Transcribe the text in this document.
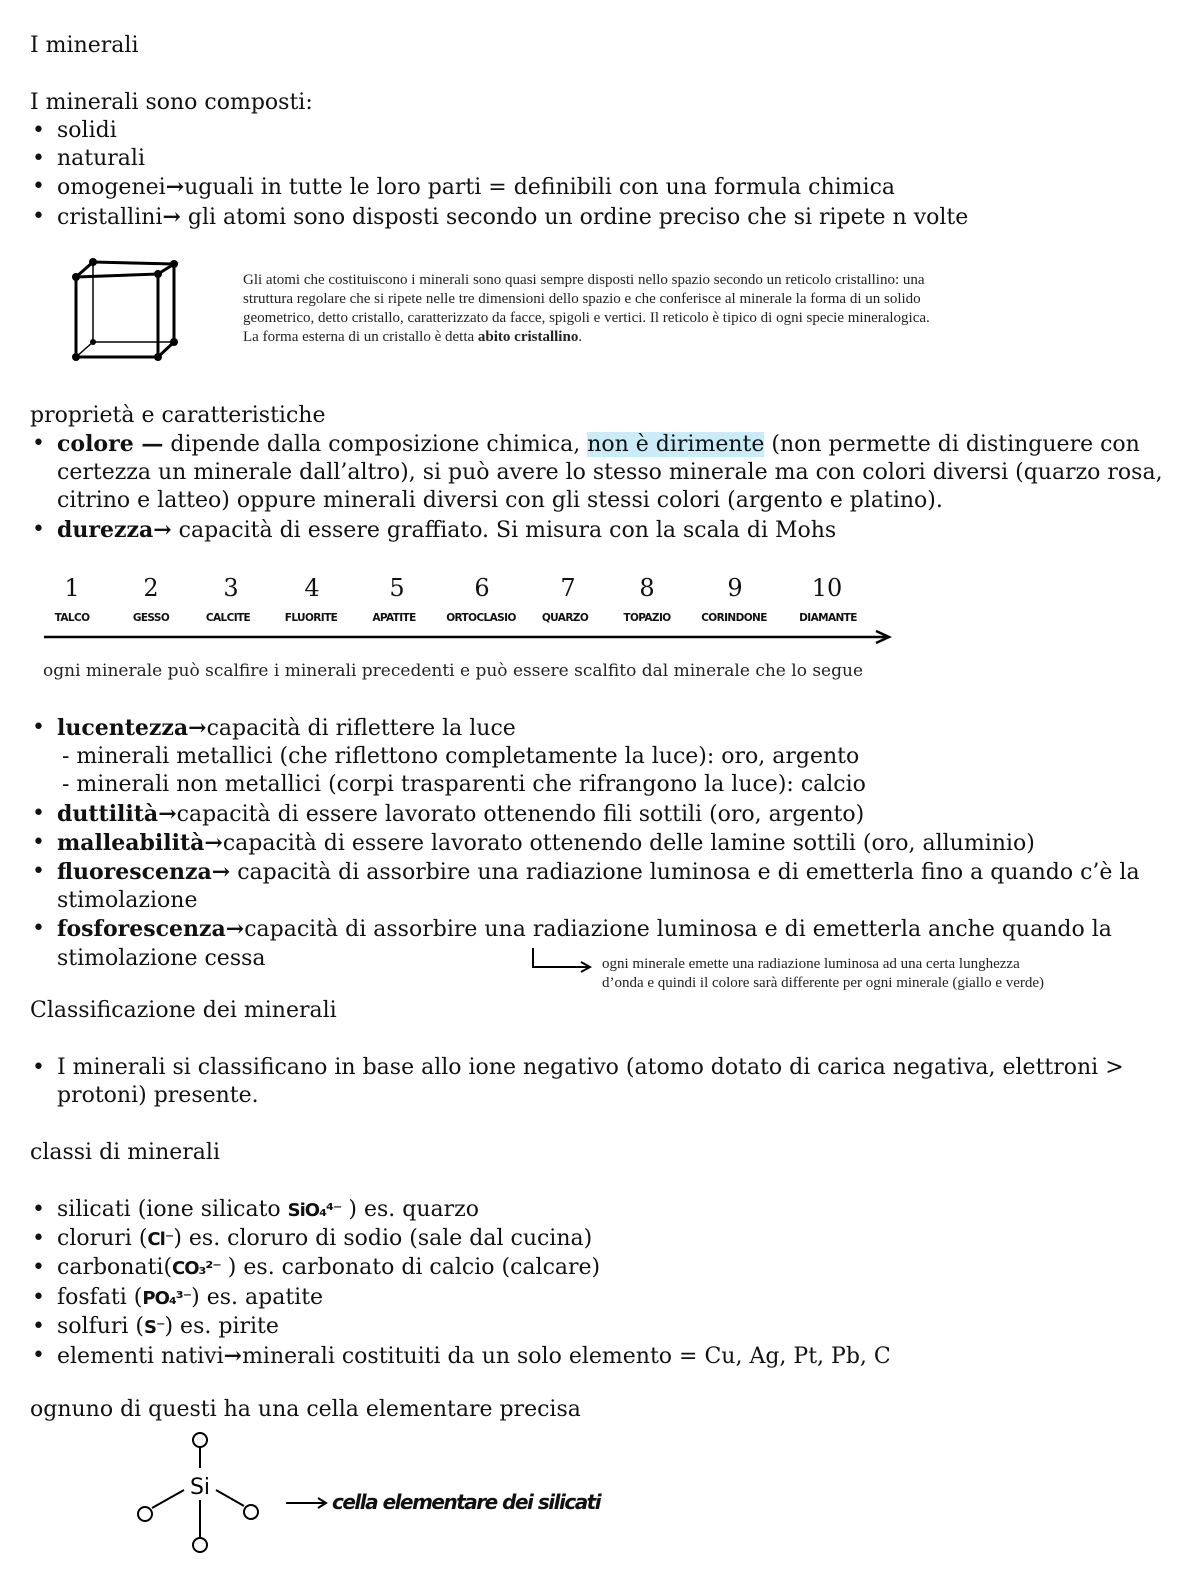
I minerali
I minerali sono composti:
• solidi
• naturali
• omogenei→uguali in tutte le loro parti = definibili con una formula chimica
• cristallini→ gli atomi sono disposti secondo un ordine preciso che si ripete n volte
Gli atomi che costituiscono i minerali sono quasi sempre disposti nello spazio secondo un reticolo cristallino: una
struttura regolare che si ripete nelle tre dimensioni dello spazio e che conferisce al minerale la forma di un solido
geometrico, detto cristallo, caratterizzato da facce, spigoli e vertici. Il reticolo è tipico di ogni specie mineralogica.
La forma esterna di un cristallo è detta abito cristallino.
proprietà e caratteristiche
• colore — dipende dalla composizione chimica, non è dirimente (non permette di distinguere con
certezza un minerale dall’altro), si può avere lo stesso minerale ma con colori diversi (quarzo rosa,
citrino e latteo) oppure minerali diversi con gli stessi colori (argento e platino).
• durezza→ capacità di essere graffiato. Si misura con la scala di Mohs
1	2	3	4	5	6	7	8	9	10
TALCO	GESSO	CALCITE	FLUORITE	APATITE	ORTOCLASIO	QUARZO	TOPAZIO	CORINDONE	DIAMANTE
ogni minerale può scalfire i minerali precedenti e può essere scalfito dal minerale che lo segue
• lucentezza→capacità di riflettere la luce
- minerali metallici (che riflettono completamente la luce): oro, argento
- minerali non metallici (corpi trasparenti che rifrangono la luce): calcio
• duttilità→capacità di essere lavorato ottenendo fili sottili (oro, argento)
• malleabilità→capacità di essere lavorato ottenendo delle lamine sottili (oro, alluminio)
• fluorescenza→ capacità di assorbire una radiazione luminosa e di emetterla fino a quando c’è la
stimolazione
• fosforescenza→capacità di assorbire una radiazione luminosa e di emetterla anche quando la
stimolazione cessa	ogni minerale emette una radiazione luminosa ad una certa lunghezza
d’onda e quindi il colore sarà differente per ogni minerale (giallo e verde)
Classificazione dei minerali
• I minerali si classificano in base allo ione negativo (atomo dotato di carica negativa, elettroni >
protoni) presente.
classi di minerali
• silicati (ione silicato SiO₄⁴⁻ ) es. quarzo
• cloruri (Cl⁻) es. cloruro di sodio (sale dal cucina)
• carbonati(CO₃²⁻ ) es. carbonato di calcio (calcare)
• fosfati (PO₄³⁻) es. apatite
• solfuri (S⁻) es. pirite
• elementi nativi→minerali costituiti da un solo elemento = Cu, Ag, Pt, Pb, C
ognuno di questi ha una cella elementare precisa
Si
cella elementare dei silicati
